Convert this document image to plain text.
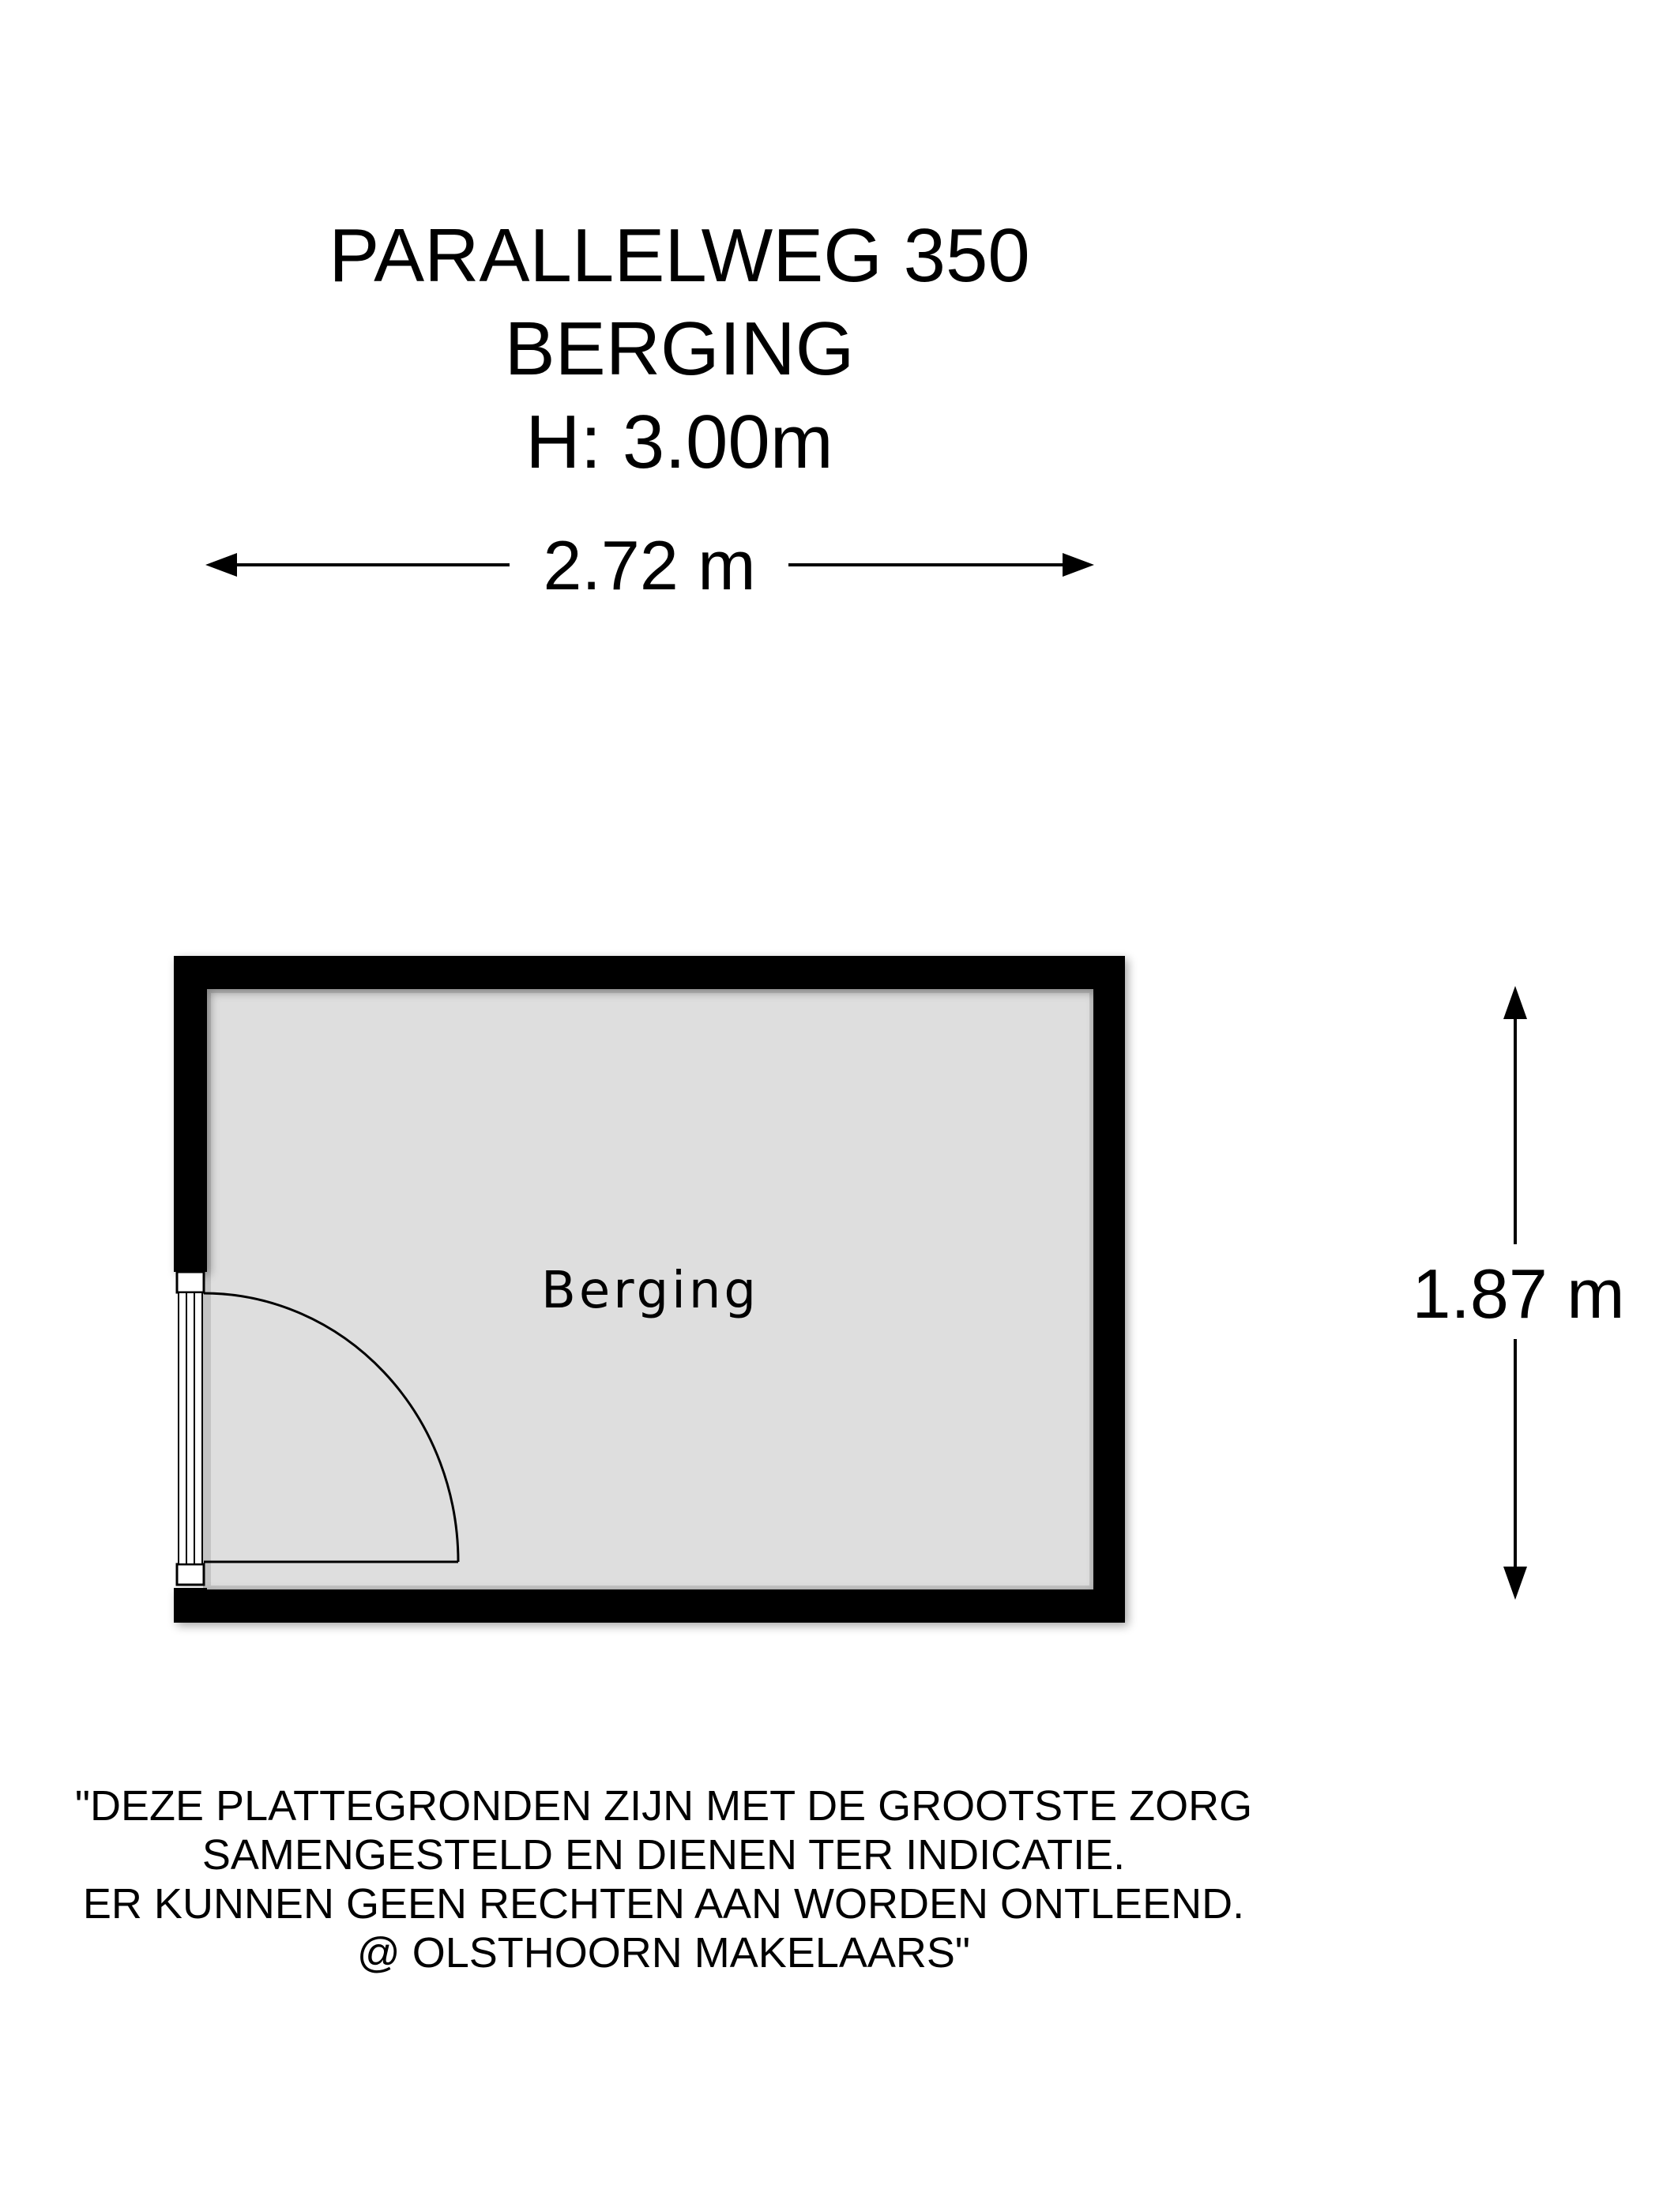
PARALLELWEG 350
BERGING
H: 3.00m
2.72 m
1.87 m
Berging
"DEZE PLATTEGRONDEN ZIJN MET DE GROOTSTE ZORG
SAMENGESTELD EN DIENEN TER INDICATIE.
ER KUNNEN GEEN RECHTEN AAN WORDEN ONTLEEND.
@ OLSTHOORN MAKELAARS"
